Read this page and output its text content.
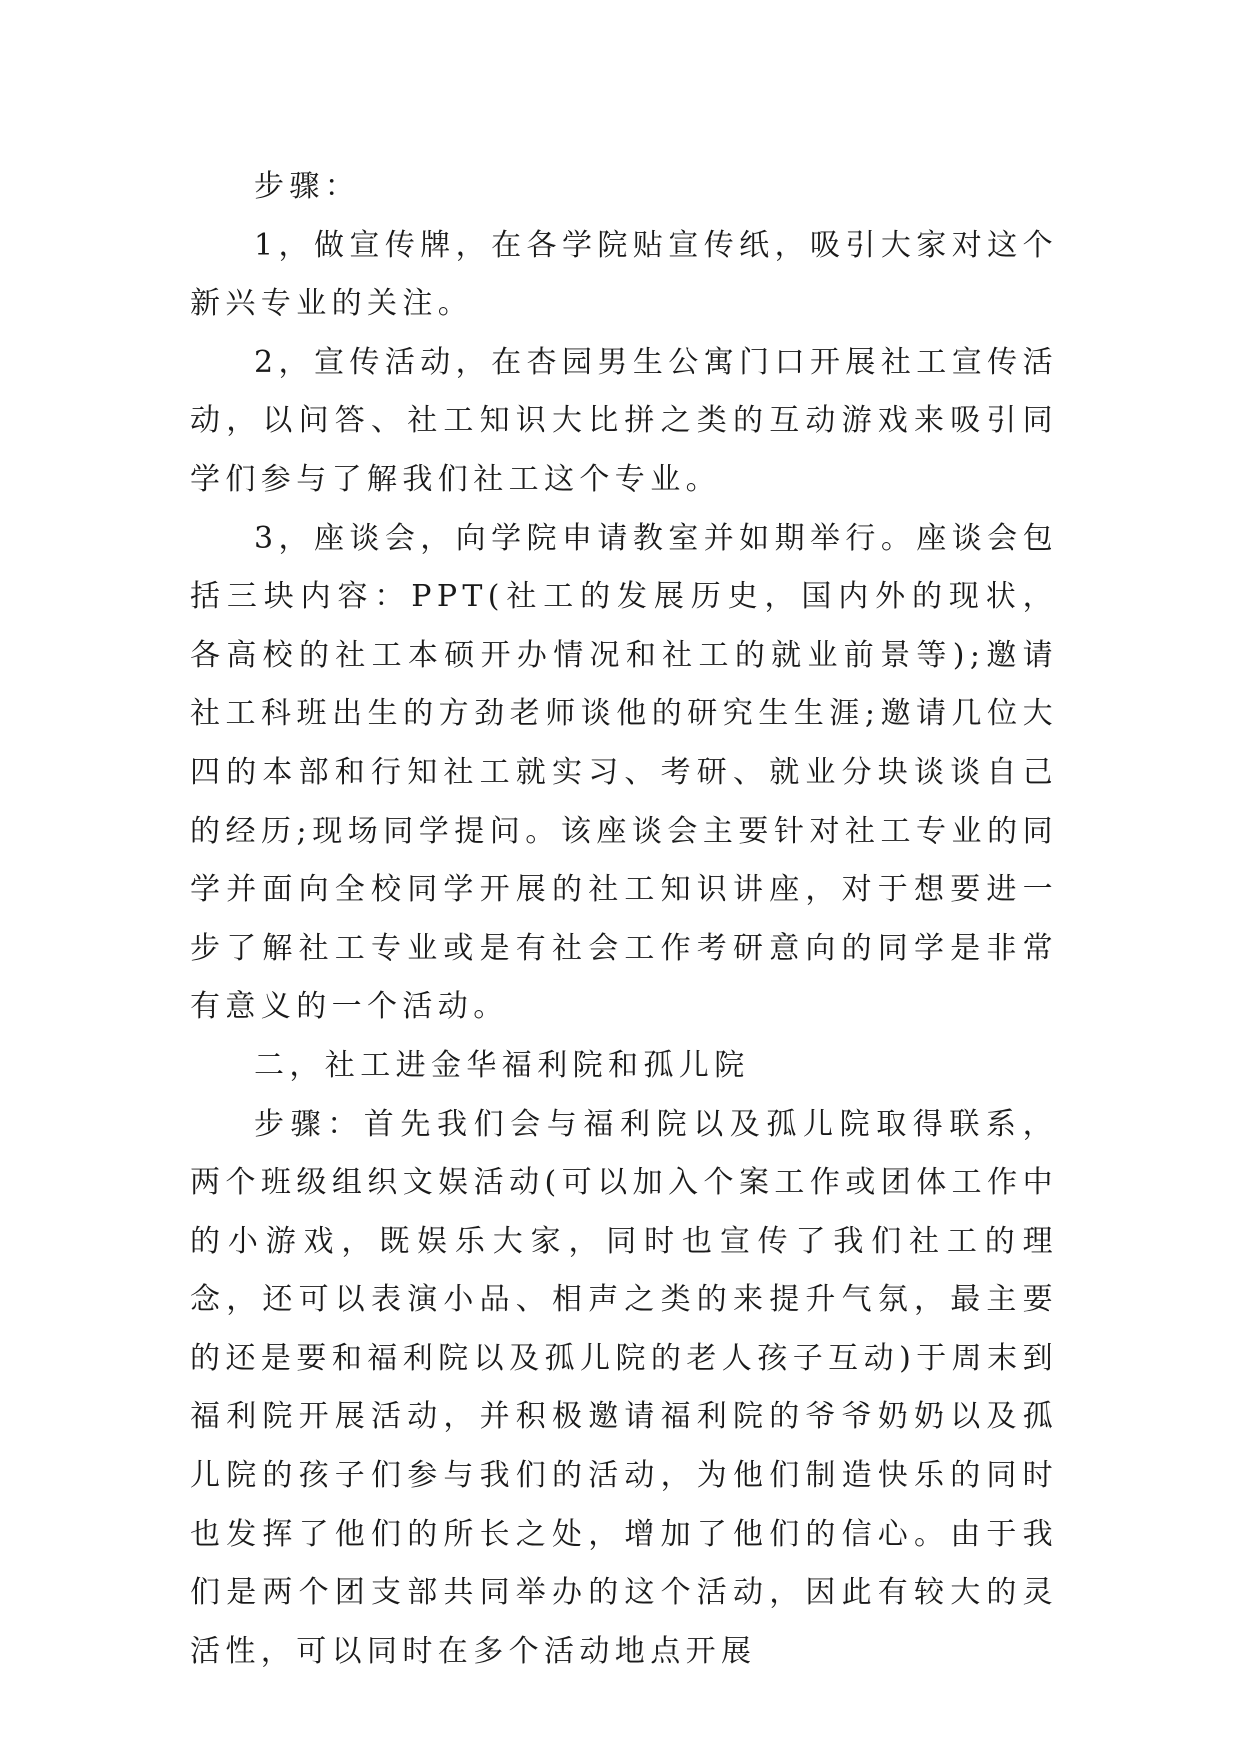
步骤：

1，做宣传牌，在各学院贴宣传纸，吸引大家对这个新兴专业的关注。

2，宣传活动，在杏园男生公寓门口开展社工宣传活动，以问答、社工知识大比拼之类的互动游戏来吸引同学们参与了解我们社工这个专业。

3，座谈会，向学院申请教室并如期举行。座谈会包括三块内容：PPT(社工的发展历史，国内外的现状，各高校的社工本硕开办情况和社工的就业前景等);邀请社工科班出生的方劲老师谈他的研究生生涯;邀请几位大四的本部和行知社工就实习、考研、就业分块谈谈自己的经历;现场同学提问。该座谈会主要针对社工专业的同学并面向全校同学开展的社工知识讲座，对于想要进一步了解社工专业或是有社会工作考研意向的同学是非常有意义的一个活动。

二，社工进金华福利院和孤儿院

步骤：首先我们会与福利院以及孤儿院取得联系，两个班级组织文娱活动(可以加入个案工作或团体工作中的小游戏，既娱乐大家，同时也宣传了我们社工的理念，还可以表演小品、相声之类的来提升气氛，最主要的还是要和福利院以及孤儿院的老人孩子互动)于周末到福利院开展活动，并积极邀请福利院的爷爷奶奶以及孤儿院的孩子们参与我们的活动，为他们制造快乐的同时也发挥了他们的所长之处，增加了他们的信心。由于我们是两个团支部共同举办的这个活动，因此有较大的灵活性，可以同时在多个活动地点开展
